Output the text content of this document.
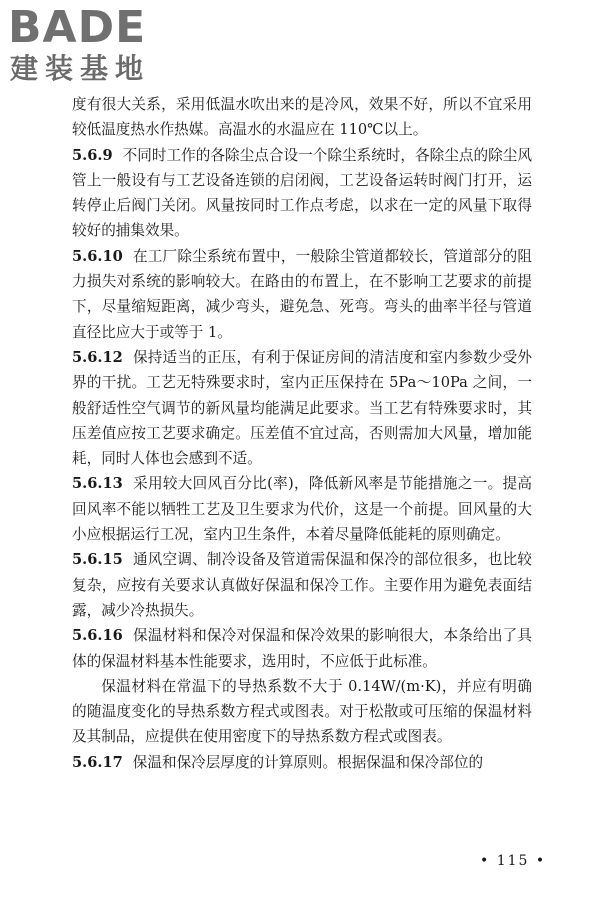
BADE
建装基地

度有很大关系，采用低温水吹出来的是冷风，效果不好，所以不宜采用较低温度热水作热媒。高温水的水温应在 110℃以上。

5.6.9 不同时工作的各除尘点合设一个除尘系统时，各除尘点的除尘风管上一般设有与工艺设备连锁的启闭阀，工艺设备运转时阀门打开，运转停止后阀门关闭。风量按同时工作点考虑，以求在一定的风量下取得较好的捕集效果。

5.6.10 在工厂除尘系统布置中，一般除尘管道都较长，管道部分的阻力损失对系统的影响较大。在路由的布置上，在不影响工艺要求的前提下，尽量缩短距离，减少弯头，避免急、死弯。弯头的曲率半径与管道直径比应大于或等于 1。

5.6.12 保持适当的正压，有利于保证房间的清洁度和室内参数少受外界的干扰。工艺无特殊要求时，室内正压保持在 5Pa～10Pa 之间，一般舒适性空气调节的新风量均能满足此要求。当工艺有特殊要求时，其压差值应按工艺要求确定。压差值不宜过高，否则需加大风量，增加能耗，同时人体也会感到不适。

5.6.13 采用较大回风百分比(率)，降低新风率是节能措施之一。提高回风率不能以牺牲工艺及卫生要求为代价，这是一个前提。回风量的大小应根据运行工况，室内卫生条件，本着尽量降低能耗的原则确定。

5.6.15 通风空调、制冷设备及管道需保温和保冷的部位很多，也比较复杂，应按有关要求认真做好保温和保冷工作。主要作用为避免表面结露，减少冷热损失。

5.6.16 保温材料和保冷对保温和保冷效果的影响很大，本条给出了具体的保温材料基本性能要求，选用时，不应低于此标准。

保温材料在常温下的导热系数不大于 0.14W/(m·K)，并应有明确的随温度变化的导热系数方程式或图表。对于松散或可压缩的保温材料及其制品，应提供在使用密度下的导热系数方程式或图表。

5.6.17 保温和保冷层厚度的计算原则。根据保温和保冷部位的

• 115 •
